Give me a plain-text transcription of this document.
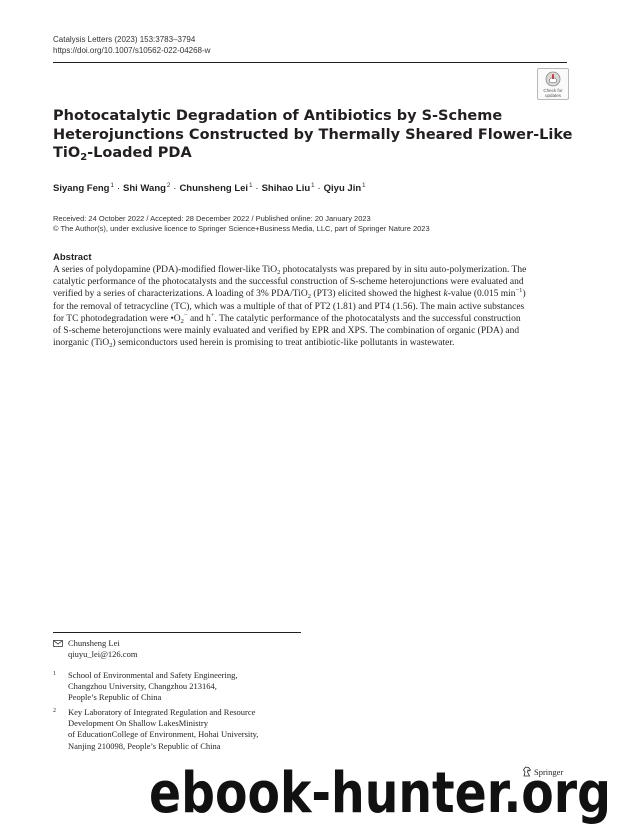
Catalysis Letters (2023) 153:3783–3794
https://doi.org/10.1007/s10562-022-04268-w
Check for
updates
Photocatalytic Degradation of Antibiotics by S-Scheme
Heterojunctions Constructed by Thermally Sheared Flower-Like
TiO$_2$-Loaded PDA
Siyang Feng$^1$ · Shi Wang$^2$ · Chunsheng Lei$^1$ · Shihao Liu$^1$ · Qiyu Jin$^1$
Received: 24 October 2022 / Accepted: 28 December 2022 / Published online: 20 January 2023
© The Author(s), under exclusive licence to Springer Science+Business Media, LLC, part of Springer Nature 2023
Abstract
A series of polydopamine (PDA)-modified flower-like TiO$_2$ photocatalysts was prepared by in situ auto-polymerization. The
catalytic performance of the photocatalysts and the successful construction of S-scheme heterojunctions were evaluated and
verified by a series of characterizations. A loading of 3% PDA/TiO$_2$ (PT3) elicited showed the highest k-value (0.015 $\min^{-1}$)
for the removal of tetracycline (TC), which was a multiple of that of PT2 (1.81) and PT4 (1.56). The main active substances
for TC photodegradation were $•O_2^-$ and h+. The catalytic performance of the photocatalysts and the successful construction
of S-scheme heterojunctions were mainly evaluated and verified by EPR and XPS. The combination of organic (PDA) and
inorganic (TiO$_2$) semiconductors used herein is promising to treat antibiotic-like pollutants in wastewater.
Chunsheng Lei
qiuyu_lei@126.com
1 School of Environmental and Safety Engineering,
Changzhou University, Changzhou 213164,
People’s Republic of China
2 Key Laboratory of Integrated Regulation and Resource
Development On Shallow LakesMinistry
of EducationCollege of Environment, Hohai University,
Nanjing 210098, People’s Republic of China
Springer
ebook-hunter.org
